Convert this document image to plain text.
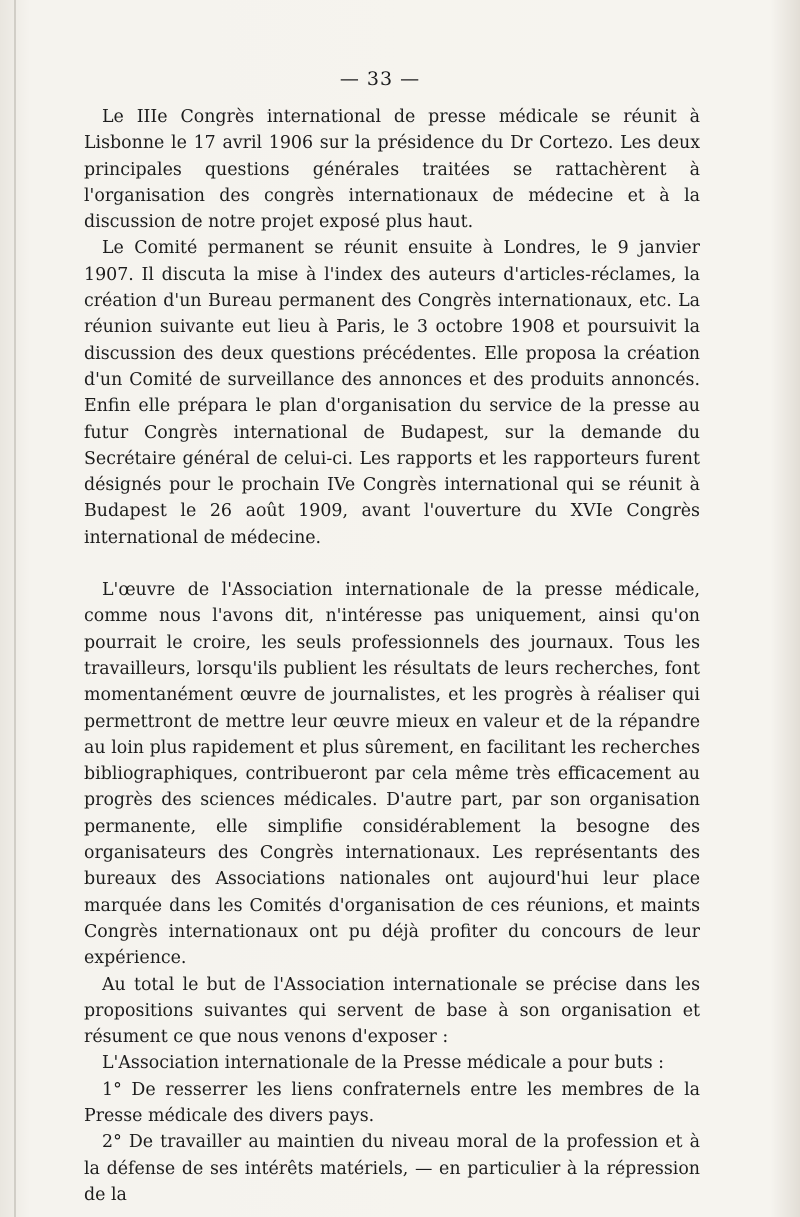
— 33 —

Le IIIe Congrès international de presse médicale se réunit à Lisbonne le 17 avril 1906 sur la présidence du Dr Cortezo. Les deux principales questions générales traitées se rattachèrent à l'organisation des congrès internationaux de médecine et à la discussion de notre projet exposé plus haut.

Le Comité permanent se réunit ensuite à Londres, le 9 janvier 1907. Il discuta la mise à l'index des auteurs d'articles-réclames, la création d'un Bureau permanent des Congrès internationaux, etc. La réunion suivante eut lieu à Paris, le 3 octobre 1908 et poursuivit la discussion des deux questions précédentes. Elle proposa la création d'un Comité de surveillance des annonces et des produits annoncés. Enfin elle prépara le plan d'organisation du service de la presse au futur Congrès international de Budapest, sur la demande du Secrétaire général de celui-ci. Les rapports et les rapporteurs furent désignés pour le prochain IVe Congrès international qui se réunit à Budapest le 26 août 1909, avant l'ouverture du XVIe Congrès international de médecine.

L'œuvre de l'Association internationale de la presse médicale, comme nous l'avons dit, n'intéresse pas uniquement, ainsi qu'on pourrait le croire, les seuls professionnels des journaux. Tous les travailleurs, lorsqu'ils publient les résultats de leurs recherches, font momentanément œuvre de journalistes, et les progrès à réaliser qui permettront de mettre leur œuvre mieux en valeur et de la répandre au loin plus rapidement et plus sûrement, en facilitant les recherches bibliographiques, contribueront par cela même très efficacement au progrès des sciences médicales. D'autre part, par son organisation permanente, elle simplifie considérablement la besogne des organisateurs des Congrès internationaux. Les représentants des bureaux des Associations nationales ont aujourd'hui leur place marquée dans les Comités d'organisation de ces réunions, et maints Congrès internationaux ont pu déjà profiter du concours de leur expérience.

Au total le but de l'Association internationale se précise dans les propositions suivantes qui servent de base à son organisation et résument ce que nous venons d'exposer :

L'Association internationale de la Presse médicale a pour buts :

1° De resserrer les liens confraternels entre les membres de la Presse médicale des divers pays.

2° De travailler au maintien du niveau moral de la profession et à la défense de ses intérêts matériels, — en particulier à la répression de la
